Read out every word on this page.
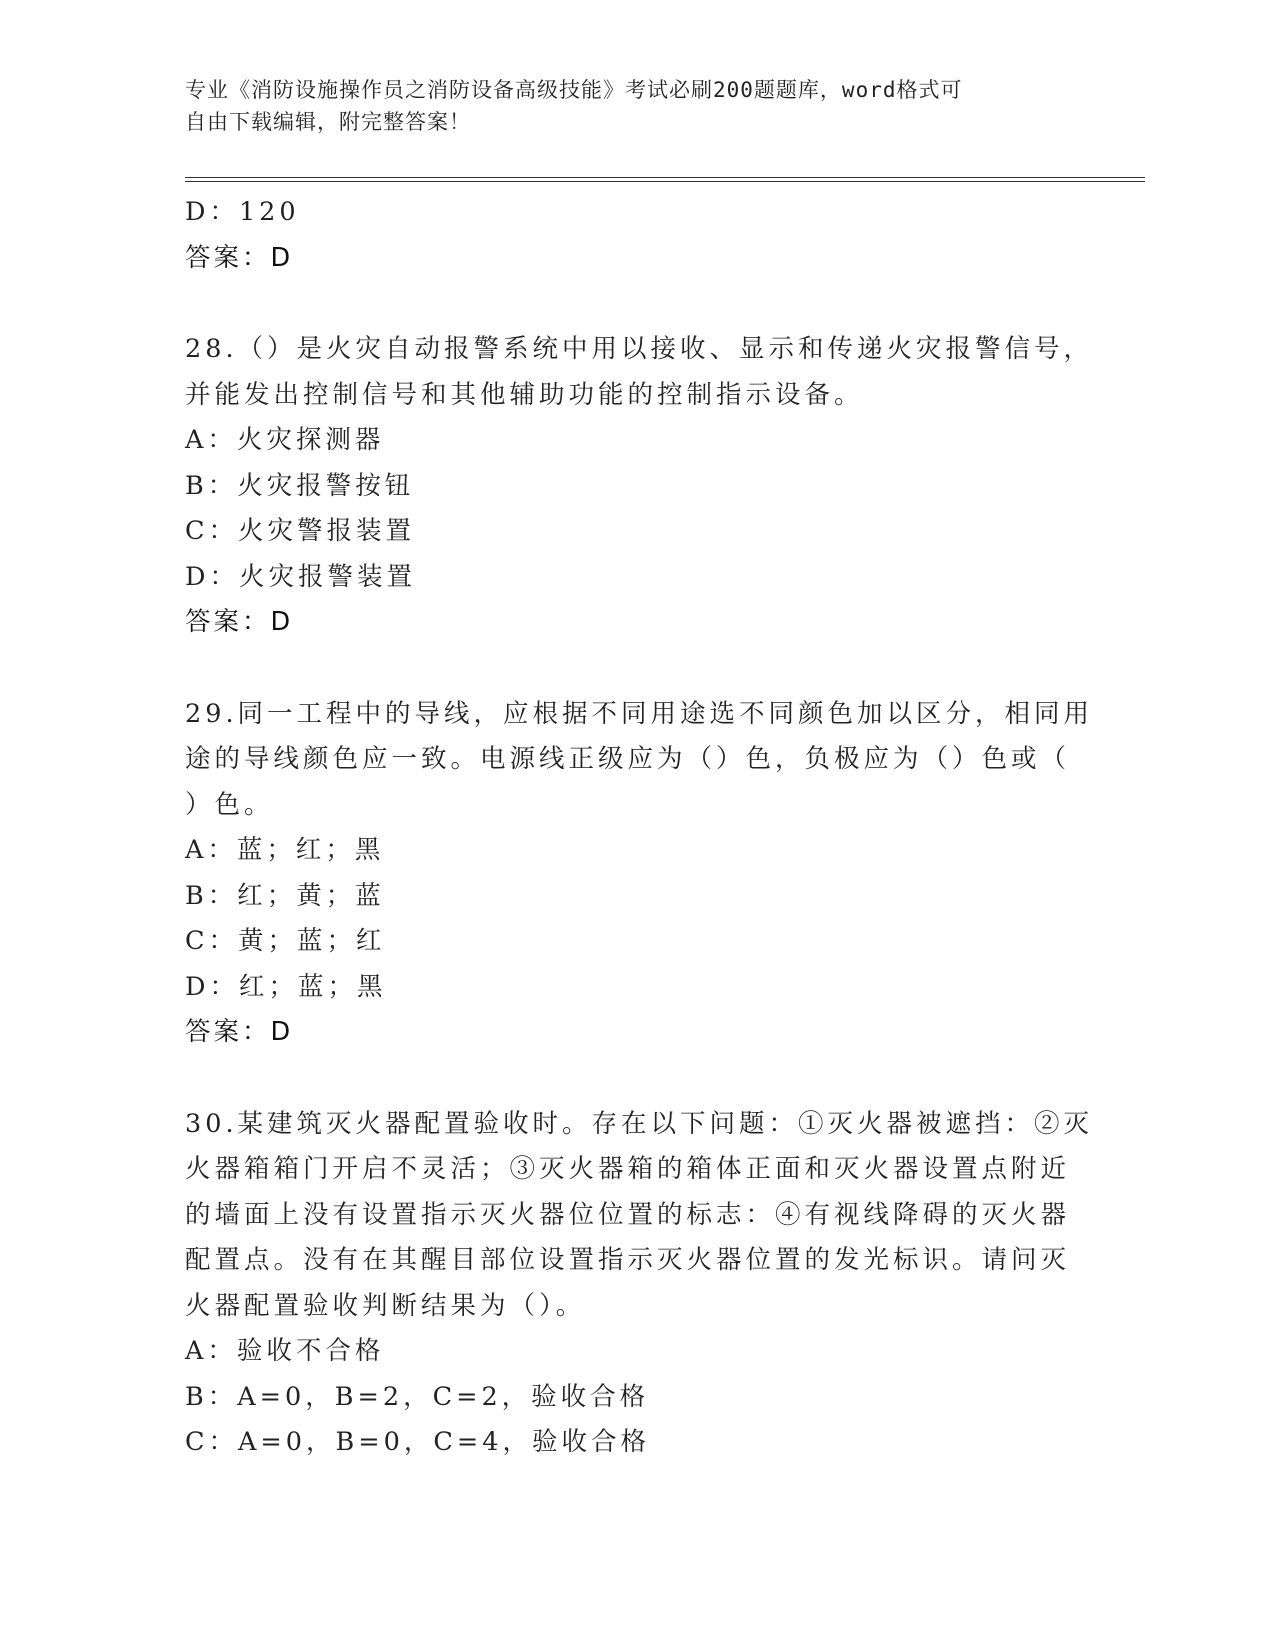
专业《消防设施操作员之消防设备高级技能》考试必刷200题题库，word格式可
自由下载编辑，附完整答案！
D：120
答案：D
28.（）是火灾自动报警系统中用以接收、显示和传递火灾报警信号，
并能发出控制信号和其他辅助功能的控制指示设备。
A：火灾探测器
B：火灾报警按钮
C：火灾警报装置
D：火灾报警装置
答案：D
29.同一工程中的导线，应根据不同用途选不同颜色加以区分，相同用
途的导线颜色应一致。电源线正级应为（）色，负极应为（）色或（
）色。
A：蓝；红；黑
B：红；黄；蓝
C：黄；蓝；红
D：红；蓝；黑
答案：D
30.某建筑灭火器配置验收时。存在以下问题：①灭火器被遮挡：②灭
火器箱箱门开启不灵活；③灭火器箱的箱体正面和灭火器设置点附近
的墙面上没有设置指示灭火器位位置的标志：④有视线降碍的灭火器
配置点。没有在其醒目部位设置指示灭火器位置的发光标识。请问灭
火器配置验收判断结果为（）。
A：验收不合格
B：A=0，B=2，C=2，验收合格
C：A=0，B=0，C=4，验收合格
